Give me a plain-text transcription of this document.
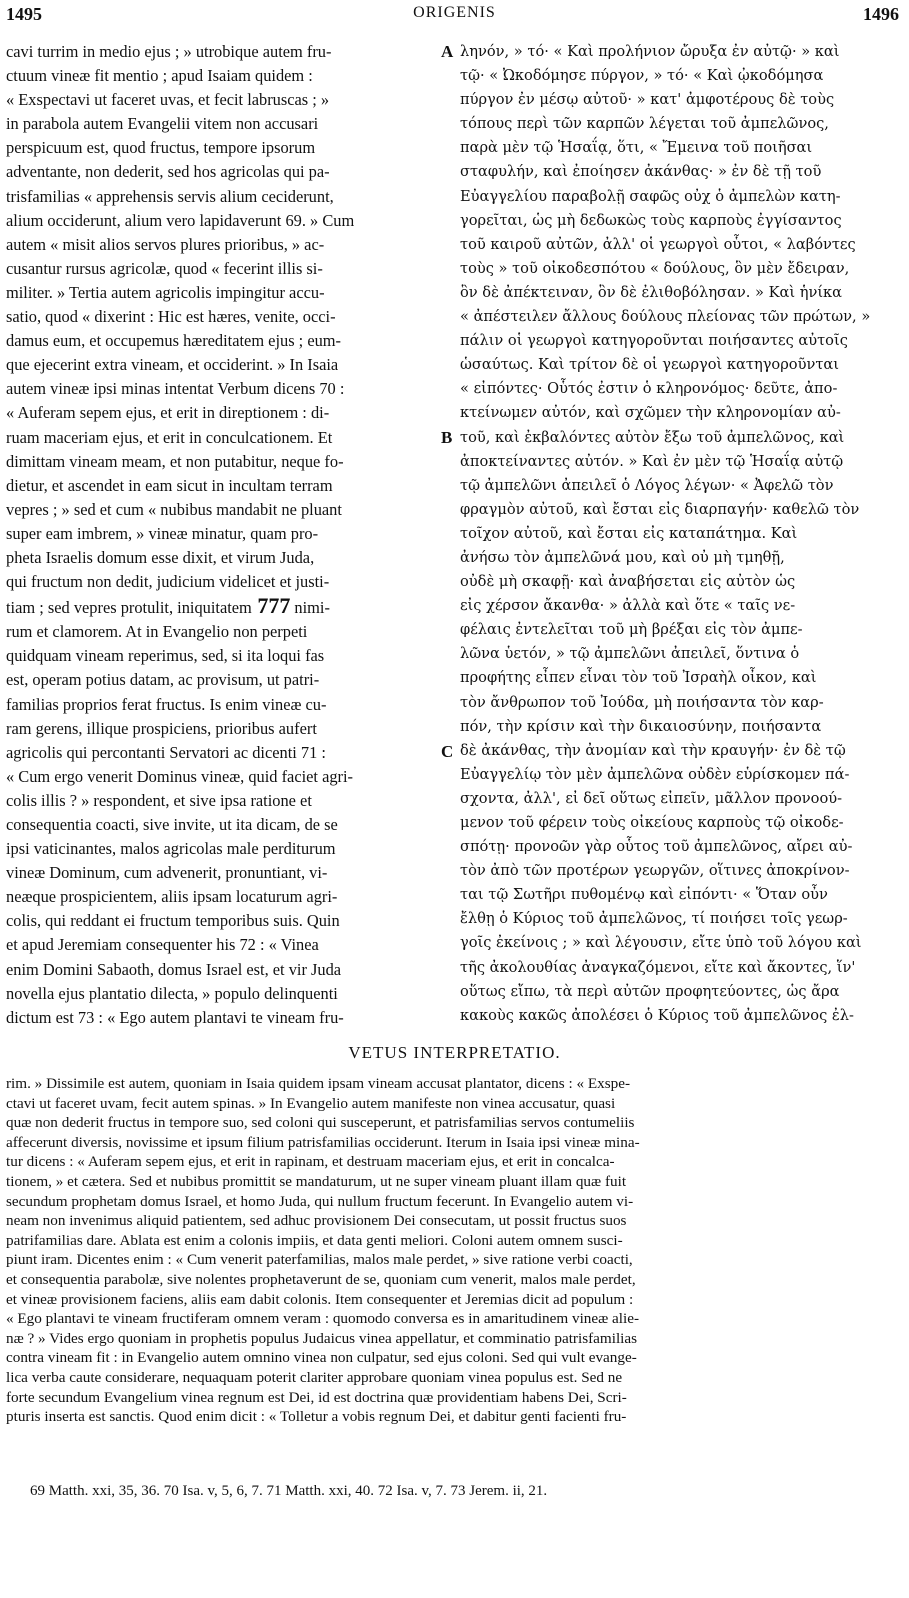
1495	ORIGENIS	1496
cavi turrim in medio ejus ; » utrobique autem fru-
ctuum vineæ fit mentio ; apud Isaiam quidem :
« Exspectavi ut faceret uvas, et fecit labruscas ; »
in parabola autem Evangelii vitem non accusari
perspicuum est, quod fructus, tempore ipsorum
adventante, non dederit, sed hos agricolas qui pa-
trisfamilias « apprehensis servis alium ceciderunt,
alium occiderunt, alium vero lapidaverunt 69. » Cum
autem « misit alios servos plures prioribus, » ac-
cusantur rursus agricolæ, quod « fecerint illis si-
militer. » Tertia autem agricolis impingitur accu-
satio, quod « dixerint : Hic est hæres, venite, occi-
damus eum, et occupemus hæreditatem ejus ; eum-
que ejecerint extra vineam, et occiderint. » In Isaia
autem vineæ ipsi minas intentat Verbum dicens 70 :
« Auferam sepem ejus, et erit in direptionem : di-
ruam maceriam ejus, et erit in conculcationem. Et
dimittam vineam meam, et non putabitur, neque fo-
dietur, et ascendet in eam sicut in incultam terram
vepres ; » sed et cum « nubibus mandabit ne pluant
super eam imbrem, » vineæ minatur, quam pro-
pheta Israelis domum esse dixit, et virum Juda,
qui fructum non dedit, judicium videlicet et justi-
tiam ; sed vepres protulit, iniquitatem 777 nimi-
rum et clamorem. At in Evangelio non perpeti
quidquam vineam reperimus, sed, si ita loqui fas
est, operam potius datam, ac provisum, ut patri-
familias proprios ferat fructus. Is enim vineæ cu-
ram gerens, illique prospiciens, prioribus aufert
agricolis qui percontanti Servatori ac dicenti 71 :
« Cum ergo venerit Dominus vineæ, quid faciet agri-
colis illis ? » respondent, et sive ipsa ratione et
consequentia coacti, sive invite, ut ita dicam, de se
ipsi vaticinantes, malos agricolas male perditurum
vineæ Dominum, cum advenerit, pronuntiant, vi-
neæque prospicientem, aliis ipsam locaturum agri-
colis, qui reddant ei fructum temporibus suis. Quin
et apud Jeremiam consequenter his 72 : « Vinea
enim Domini Sabaoth, domus Israel est, et vir Juda
novella ejus plantatio dilecta, » populo delinquenti
dictum est 73 : « Ego autem plantavi te vineam fru-
ληνόν, » τό· « Καὶ προλήνιον ὤρυξα ἐν αὐτῷ· » καὶ
τῷ· « Ὠκοδόμησε πύργον, » τό· « Καὶ ᾠκοδόμησα
πύργον ἐν μέσῳ αὐτοῦ· » κατ' ἀμφοτέρους δὲ τοὺς
τόπους περὶ τῶν καρπῶν λέγεται τοῦ ἀμπελῶνος,
παρὰ μὲν τῷ Ἡσαΐᾳ, ὅτι, « Ἔμεινα τοῦ ποιῆσαι
σταφυλήν, καὶ ἐποίησεν ἀκάνθας· » ἐν δὲ τῇ τοῦ
Εὐαγγελίου παραβολῇ σαφῶς οὐχ ὁ ἀμπελὼν κατη-
γορεῖται, ὡς μὴ δεδωκὼς τοὺς καρποὺς ἐγγίσαντος
τοῦ καιροῦ αὐτῶν, ἀλλ' οἱ γεωργοὶ οὗτοι, « λαβόντες
τοὺς » τοῦ οἰκοδεσπότου « δούλους, ὃν μὲν ἔδειραν,
ὃν δὲ ἀπέκτειναν, ὃν δὲ ἐλιθοβόλησαν. » Καὶ ἡνίκα
« ἀπέστειλεν ἄλλους δούλους πλείονας τῶν πρώτων, »
πάλιν οἱ γεωργοὶ κατηγοροῦνται ποιήσαντες αὐτοῖς
ὡσαύτως. Καὶ τρίτον δὲ οἱ γεωργοὶ κατηγοροῦνται
« εἰπόντες· Οὗτός ἐστιν ὁ κληρονόμος· δεῦτε, ἀπο-
κτείνωμεν αὐτόν, καὶ σχῶμεν τὴν κληρονομίαν αὐ-
τοῦ, καὶ ἐκβαλόντες αὐτὸν ἔξω τοῦ ἀμπελῶνος, καὶ
ἀποκτείναντες αὐτόν. » Καὶ ἐν μὲν τῷ Ἡσαΐᾳ αὐτῷ
τῷ ἀμπελῶνι ἀπειλεῖ ὁ Λόγος λέγων· « Ἀφελῶ τὸν
φραγμὸν αὐτοῦ, καὶ ἔσται εἰς διαρπαγήν· καθελῶ τὸν
τοῖχον αὐτοῦ, καὶ ἔσται εἰς καταπάτημα. Καὶ
ἀνήσω τὸν ἀμπελῶνά μου, καὶ οὐ μὴ τμηθῇ,
οὐδὲ μὴ σκαφῇ· καὶ ἀναβήσεται εἰς αὐτὸν ὡς
εἰς χέρσον ἄκανθα· » ἀλλὰ καὶ ὅτε « ταῖς νε-
φέλαις ἐντελεῖται τοῦ μὴ βρέξαι εἰς τὸν ἀμπε-
λῶνα ὑετόν, » τῷ ἀμπελῶνι ἀπειλεῖ, ὅντινα ὁ
προφήτης εἶπεν εἶναι τὸν τοῦ Ἰσραὴλ οἶκον, καὶ
τὸν ἄνθρωπον τοῦ Ἰούδα, μὴ ποιήσαντα τὸν καρ-
πόν, τὴν κρίσιν καὶ τὴν δικαιοσύνην, ποιήσαντα
δὲ ἀκάνθας, τὴν ἀνομίαν καὶ τὴν κραυγήν· ἐν δὲ τῷ
Εὐαγγελίῳ τὸν μὲν ἀμπελῶνα οὐδὲν εὑρίσκομεν πά-
σχοντα, ἀλλ', εἰ δεῖ οὕτως εἰπεῖν, μᾶλλον προνοού-
μενον τοῦ φέρειν τοὺς οἰκείους καρποὺς τῷ οἰκοδε-
σπότῃ· προνοῶν γὰρ οὗτος τοῦ ἀμπελῶνος, αἴρει αὐ-
τὸν ἀπὸ τῶν προτέρων γεωργῶν, οἵτινες ἀποκρίνον-
ται τῷ Σωτῆρι πυθομένῳ καὶ εἰπόντι· « Ὅταν οὖν
ἔλθῃ ὁ Κύριος τοῦ ἀμπελῶνος, τί ποιήσει τοῖς γεωρ-
γοῖς ἐκείνοις ; » καὶ λέγουσιν, εἴτε ὑπὸ τοῦ λόγου καὶ
τῆς ἀκολουθίας ἀναγκαζόμενοι, εἴτε καὶ ἄκοντες, ἵν'
οὕτως εἴπω, τὰ περὶ αὐτῶν προφητεύοντες, ὡς ἄρα
κακοὺς κακῶς ἀπολέσει ὁ Κύριος τοῦ ἀμπελῶνος ἐλ-
A
B
C
VETUS INTERPRETATIO.
rim. » Dissimile est autem, quoniam in Isaia quidem ipsam vineam accusat plantator, dicens : « Exspe-
ctavi ut faceret uvam, fecit autem spinas. » In Evangelio autem manifeste non vinea accusatur, quasi
quæ non dederit fructus in tempore suo, sed coloni qui susceperunt, et patrisfamilias servos contumeliis
affecerunt diversis, novissime et ipsum filium patrisfamilias occiderunt. Iterum in Isaia ipsi vineæ mina-
tur dicens : « Auferam sepem ejus, et erit in rapinam, et destruam maceriam ejus, et erit in concalca-
tionem, » et cætera. Sed et nubibus promittit se mandaturum, ut ne super vineam pluant illam quæ fuit
secundum prophetam domus Israel, et homo Juda, qui nullum fructum fecerunt. In Evangelio autem vi-
neam non invenimus aliquid patientem, sed adhuc provisionem Dei consecutam, ut possit fructus suos
patrifamilias dare. Ablata est enim a colonis impiis, et data genti meliori. Coloni autem omnem susci-
piunt iram. Dicentes enim : « Cum venerit paterfamilias, malos male perdet, » sive ratione verbi coacti,
et consequentia parabolæ, sive nolentes prophetaverunt de se, quoniam cum venerit, malos male perdet,
et vineæ provisionem faciens, aliis eam dabit colonis. Item consequenter et Jeremias dicit ad populum :
« Ego plantavi te vineam fructiferam omnem veram : quomodo conversa es in amaritudinem vineæ alie-
næ ? » Vides ergo quoniam in prophetis populus Judaicus vinea appellatur, et comminatio patrisfamilias
contra vineam fit : in Evangelio autem omnino vinea non culpatur, sed ejus coloni. Sed qui vult evange-
lica verba caute considerare, nequaquam poterit clariter approbare quoniam vinea populus est. Sed ne
forte secundum Evangelium vinea regnum est Dei, id est doctrina quæ providentiam habens Dei, Scri-
pturis inserta est sanctis. Quod enim dicit : « Tolletur a vobis regnum Dei, et dabitur genti facienti fru-
69 Matth. xxi, 35, 36. 70 Isa. v, 5, 6, 7. 71 Matth. xxi, 40. 72 Isa. v, 7. 73 Jerem. ii, 21.
